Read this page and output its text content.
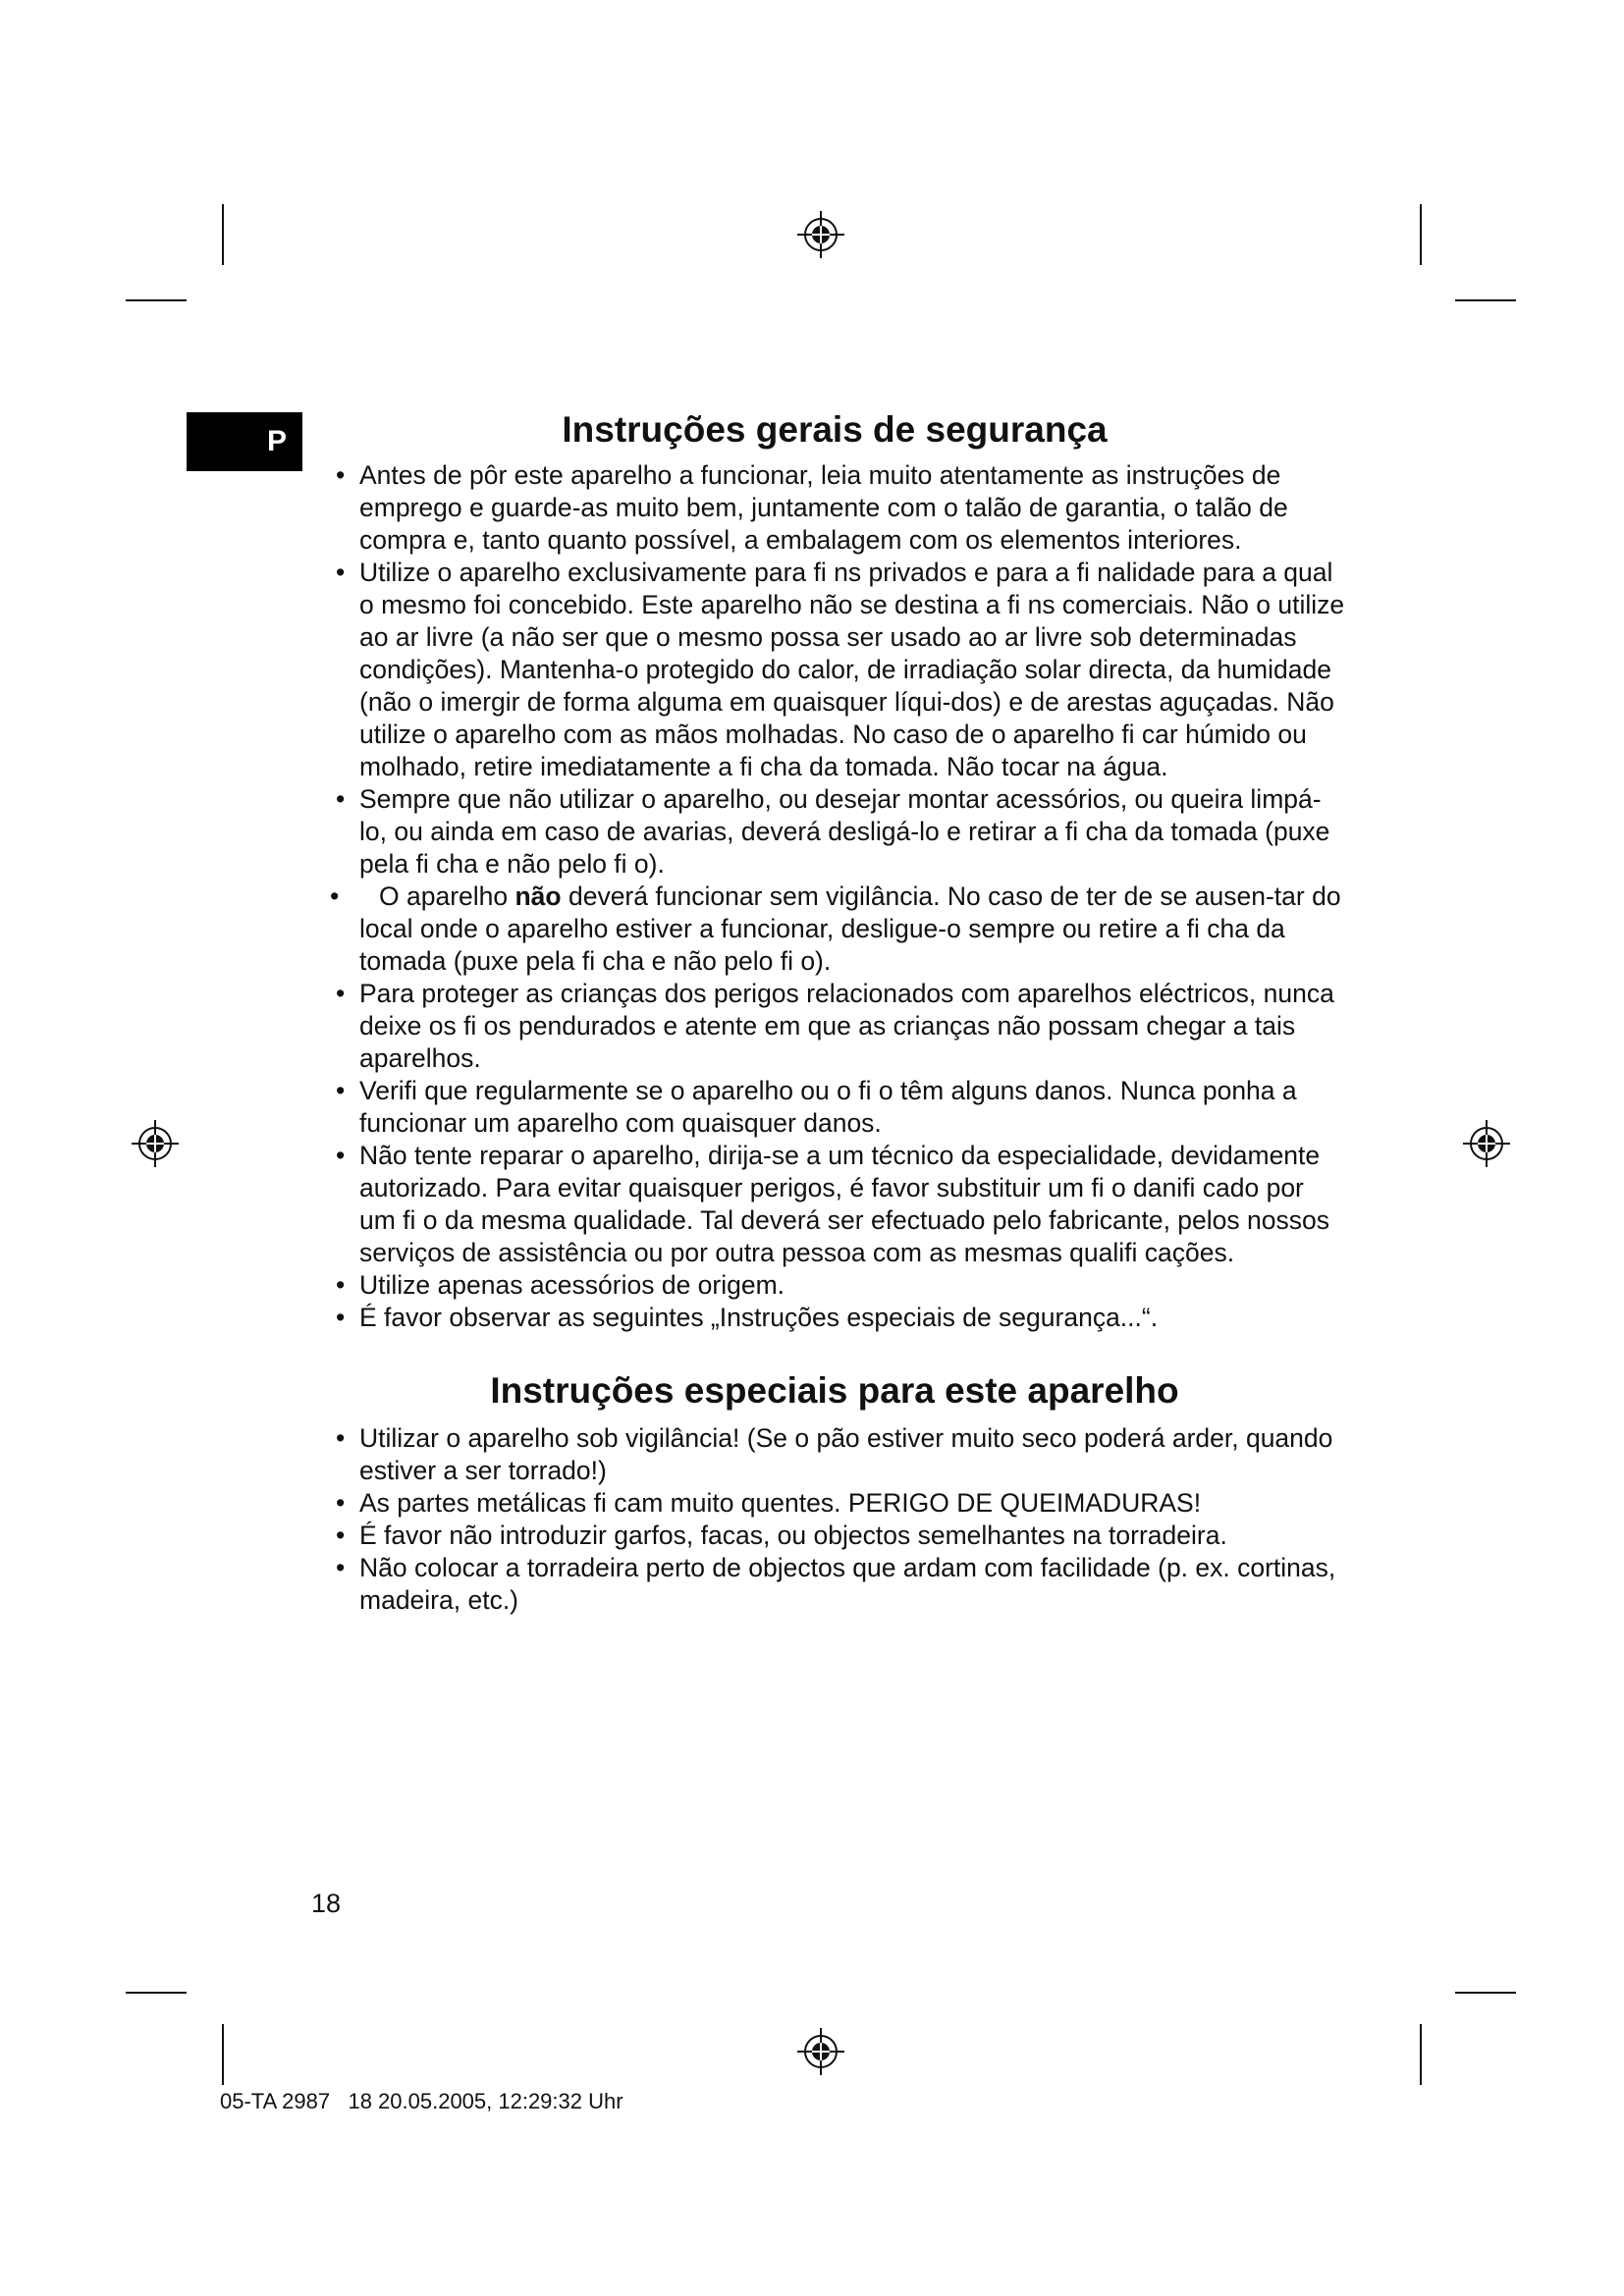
P	Instruções gerais de segurança
• Antes de pôr este aparelho a funcionar, leia muito atentamente as instruções de emprego e guarde-as muito bem, juntamente com o talão de garantia, o talão de compra e, tanto quanto possível, a embalagem com os elementos interiores.
• Utilize o aparelho exclusivamente para fi ns privados e para a fi nalidade para a qual o mesmo foi concebido. Este aparelho não se destina a fi ns comerciais. Não o utilize ao ar livre (a não ser que o mesmo possa ser usado ao ar livre sob determinadas condições). Mantenha-o protegido do calor, de irradiação solar directa, da humidade (não o imergir de forma alguma em quaisquer líqui-dos) e de arestas aguçadas. Não utilize o aparelho com as mãos molhadas. No caso de o aparelho fi car húmido ou molhado, retire imediatamente a fi cha da tomada. Não tocar na água.
• Sempre que não utilizar o aparelho, ou desejar montar acessórios, ou queira limpá-lo, ou ainda em caso de avarias, deverá desligá-lo e retirar a fi cha da tomada (puxe pela fi cha e não pelo fi o).
• O aparelho não deverá funcionar sem vigilância. No caso de ter de se ausen-tar do local onde o aparelho estiver a funcionar, desligue-o sempre ou retire a fi cha da tomada (puxe pela fi cha e não pelo fi o).
• Para proteger as crianças dos perigos relacionados com aparelhos eléctricos, nunca deixe os fi os pendurados e atente em que as crianças não possam chegar a tais aparelhos.
• Verifi que regularmente se o aparelho ou o fi o têm alguns danos. Nunca ponha a funcionar um aparelho com quaisquer danos.
• Não tente reparar o aparelho, dirija-se a um técnico da especialidade, devidamente autorizado. Para evitar quaisquer perigos, é favor substituir um fi o danifi cado por um fi o da mesma qualidade. Tal deverá ser efectuado pelo fabricante, pelos nossos serviços de assistência ou por outra pessoa com as mesmas qualifi cações.
• Utilize apenas acessórios de origem.
• É favor observar as seguintes „Instruções especiais de segurança...“.
Instruções especiais para este aparelho
• Utilizar o aparelho sob vigilância! (Se o pão estiver muito seco poderá arder, quando estiver a ser torrado!)
• As partes metálicas fi cam muito quentes. PERIGO DE QUEIMADURAS!
• É favor não introduzir garfos, facas, ou objectos semelhantes na torradeira.
• Não colocar a torradeira perto de objectos que ardam com facilidade (p. ex. cortinas, madeira, etc.)
18
05-TA 2987   18 20.05.2005, 12:29:32 Uhr
